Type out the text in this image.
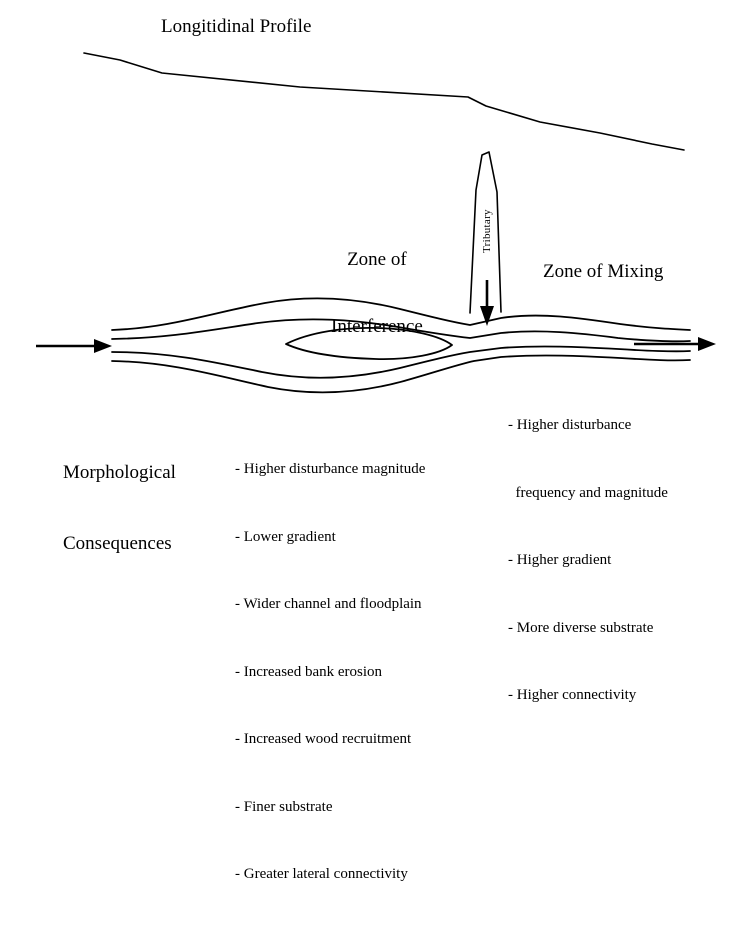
Longitidinal Profile

Zone of

Interference

Zone of Mixing
Tributary

Morphological

Consequences

- Higher disturbance magnitude

- Lower gradient

- Wider channel and floodplain

- Increased bank erosion

- Increased wood recruitment

- Finer substrate

- Greater lateral connectivity

- Higher disturbance

frequency and magnitude

- Higher gradient

- More diverse substrate

- Higher connectivity
